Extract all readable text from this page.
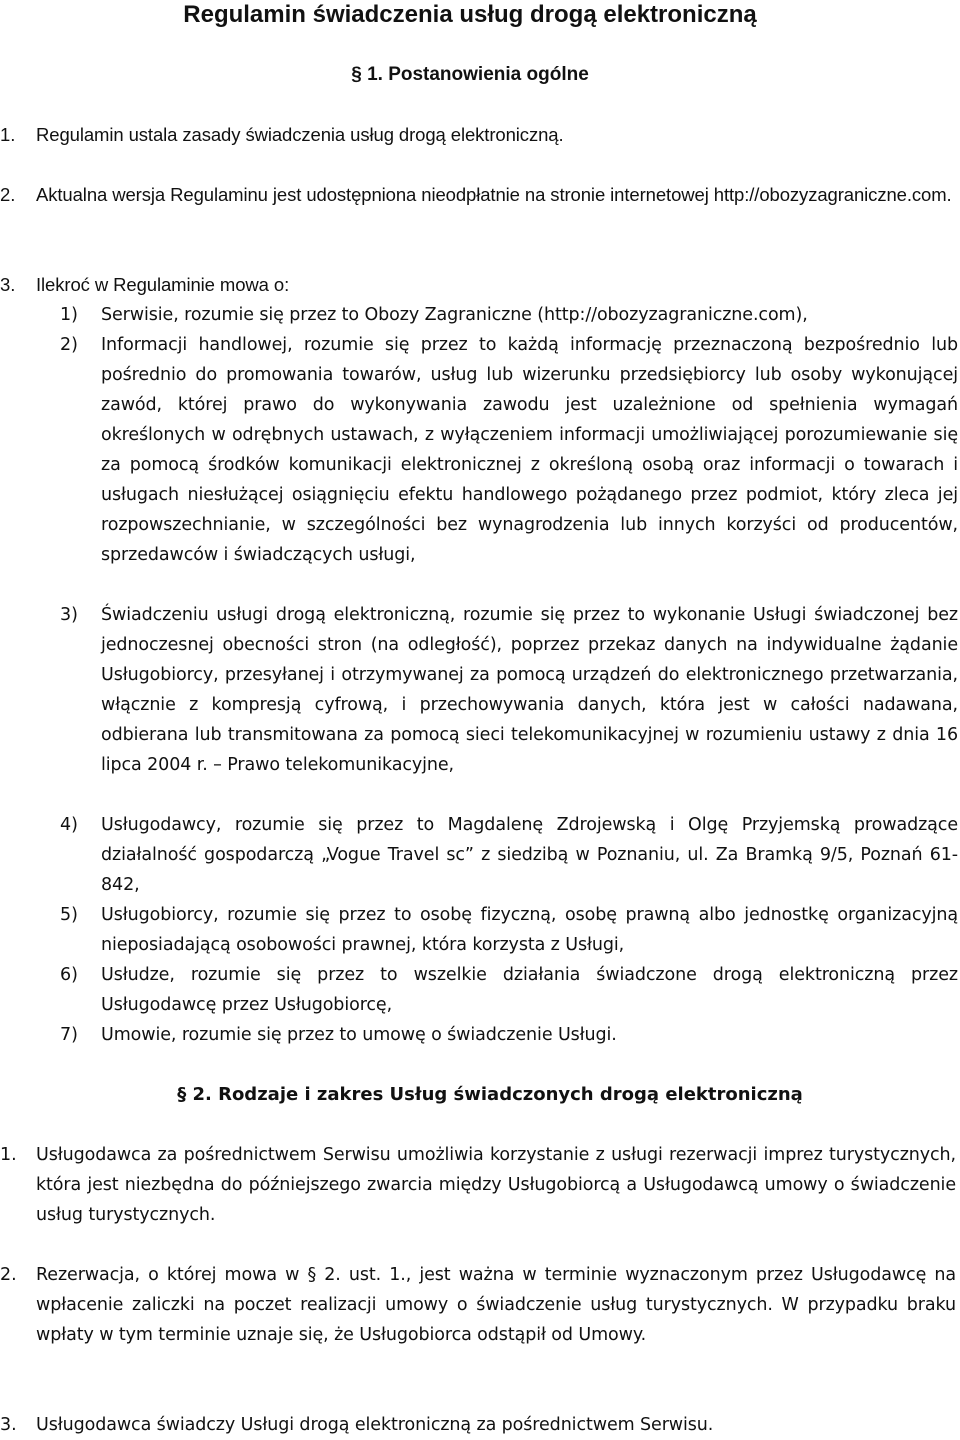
Regulamin świadczenia usług drogą elektroniczną
§ 1. Postanowienia ogólne
1. Regulamin ustala zasady świadczenia usług drogą elektroniczną.
2. Aktualna wersja Regulaminu jest udostępniona nieodpłatnie na stronie internetowej http://obozyzagraniczne.com.
3. Ilekroć w Regulaminie mowa o:
1) Serwisie, rozumie się przez to Obozy Zagraniczne (http://obozyzagraniczne.com),
2) Informacji handlowej, rozumie się przez to każdą informację przeznaczoną bezpośrednio lub pośrednio do promowania towarów, usług lub wizerunku przedsiębiorcy lub osoby wykonującej zawód, której prawo do wykonywania zawodu jest uzależnione od spełnienia wymagań określonych w odrębnych ustawach, z wyłączeniem informacji umożliwiającej porozumiewanie się za pomocą środków komunikacji elektronicznej z określoną osobą oraz informacji o towarach i usługach niesłużącej osiągnięciu efektu handlowego pożądanego przez podmiot, który zleca jej rozpowszechnianie, w szczególności bez wynagrodzenia lub innych korzyści od producentów, sprzedawców i świadczących usługi,
3) Świadczeniu usługi drogą elektroniczną, rozumie się przez to wykonanie Usługi świadczonej bez jednoczesnej obecności stron (na odległość), poprzez przekaz danych na indywidualne żądanie Usługobiorcy, przesyłanej i otrzymywanej za pomocą urządzeń do elektronicznego przetwarzania, włącznie z kompresją cyfrową, i przechowywania danych, która jest w całości nadawana, odbierana lub transmitowana za pomocą sieci telekomunikacyjnej w rozumieniu ustawy z dnia 16 lipca 2004 r. – Prawo telekomunikacyjne,
4) Usługodawcy, rozumie się przez to Magdalenę Zdrojewską i Olgę Przyjemską prowadzące działalność gospodarczą „Vogue Travel sc” z siedzibą w Poznaniu, ul. Za Bramką 9/5, Poznań 61-842,
5) Usługobiorcy, rozumie się przez to osobę fizyczną, osobę prawną albo jednostkę organizacyjną nieposiadającą osobowości prawnej, która korzysta z Usługi,
6) Usłudze, rozumie się przez to wszelkie działania świadczone drogą elektroniczną przez Usługodawcę przez Usługobiorcę,
7) Umowie, rozumie się przez to umowę o świadczenie Usługi.
§ 2. Rodzaje i zakres Usług świadczonych drogą elektroniczną
1. Usługodawca za pośrednictwem Serwisu umożliwia korzystanie z usługi rezerwacji imprez turystycznych, która jest niezbędna do późniejszego zwarcia między Usługobiorcą a Usługodawcą umowy o świadczenie usług turystycznych.
2. Rezerwacja, o której mowa w § 2. ust. 1., jest ważna w terminie wyznaczonym przez Usługodawcę na wpłacenie zaliczki na poczet realizacji umowy o świadczenie usług turystycznych. W przypadku braku wpłaty w tym terminie uznaje się, że Usługobiorca odstąpił od Umowy.
3. Usługodawca świadczy Usługi drogą elektroniczną za pośrednictwem Serwisu.
